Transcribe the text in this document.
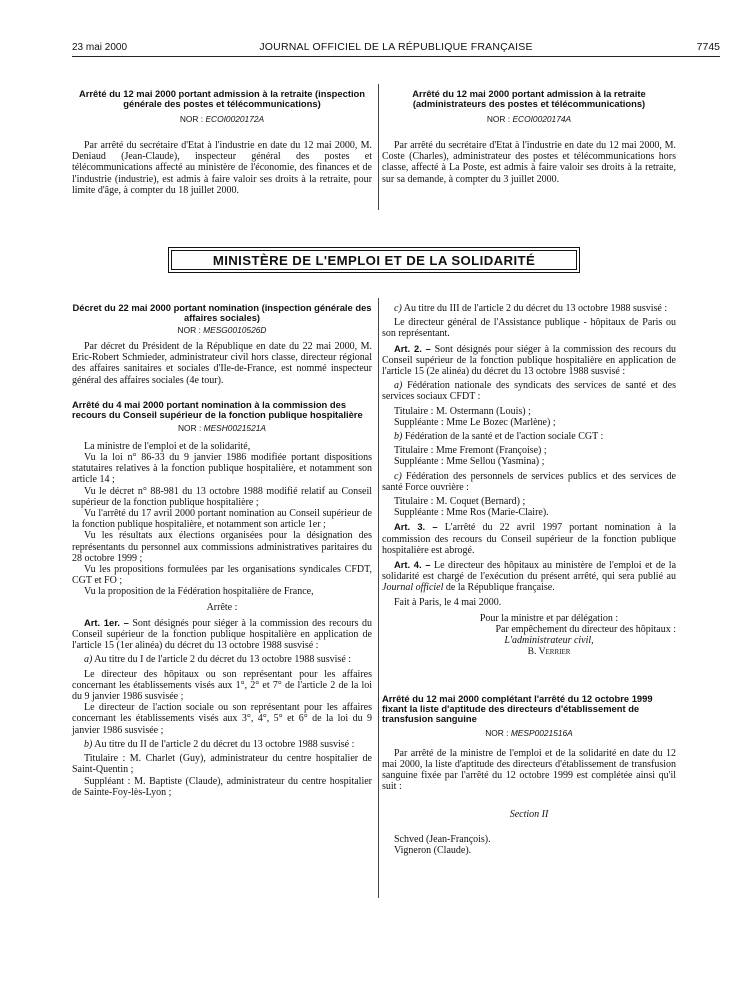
23 mai 2000	JOURNAL OFFICIEL DE LA RÉPUBLIQUE FRANÇAISE	7745
Arrêté du 12 mai 2000 portant admission à la retraite (inspection générale des postes et télécommunications)
NOR : ECOI0020172A

Par arrêté du secrétaire d'Etat à l'industrie en date du 12 mai 2000, M. Deniaud (Jean-Claude), inspecteur général des postes et télécommunications affecté au ministère de l'économie, des finances et de l'industrie (industrie), est admis à faire valoir ses droits à la retraite, pour limite d'âge, à compter du 18 juillet 2000.

Arrêté du 12 mai 2000 portant admission à la retraite (administrateurs des postes et télécommunications)
NOR : ECOI0020174A

Par arrêté du secrétaire d'Etat à l'industrie en date du 12 mai 2000, M. Coste (Charles), administrateur des postes et télécommunications hors classe, affecté à La Poste, est admis à faire valoir ses droits à la retraite, sur sa demande, à compter du 3 juillet 2000.

MINISTÈRE DE L'EMPLOI ET DE LA SOLIDARITÉ
Décret du 22 mai 2000 portant nomination (inspection générale des affaires sociales)
NOR : MESG0010526D

Par décret du Président de la République en date du 22 mai 2000, M. Eric-Robert Schmieder, administrateur civil hors classe, directeur régional des affaires sanitaires et sociales d'Ile-de-France, est nommé inspecteur général des affaires sociales (4e tour).

Arrêté du 4 mai 2000 portant nomination à la commission des recours du Conseil supérieur de la fonction publique hospitalière
NOR : MESH0021521A

La ministre de l'emploi et de la solidarité,

Vu la loi n° 86-33 du 9 janvier 1986 modifiée portant dispositions statutaires relatives à la fonction publique hospitalière, et notamment son article 14 ;

Vu le décret n° 88-981 du 13 octobre 1988 modifié relatif au Conseil supérieur de la fonction publique hospitalière ;

Vu l'arrêté du 17 avril 2000 portant nomination au Conseil supérieur de la fonction publique hospitalière, et notamment son article 1er ;

Vu les résultats aux élections organisées pour la désignation des représentants du personnel aux commissions administratives paritaires du 28 octobre 1999 ;

Vu les propositions formulées par les organisations syndicales CFDT, CGT et FO ;

Vu la proposition de la Fédération hospitalière de France,

Arrête :

Art. 1er. – Sont désignés pour siéger à la commission des recours du Conseil supérieur de la fonction publique hospitalière en application de l'article 15 (1er alinéa) du décret du 13 octobre 1988 susvisé :

a) Au titre du I de l'article 2 du décret du 13 octobre 1988 susvisé :

Le directeur des hôpitaux ou son représentant pour les affaires concernant les établissements visés aux 1°, 2° et 7° de l'article 2 de la loi du 9 janvier 1986 susvisée ;

Le directeur de l'action sociale ou son représentant pour les affaires concernant les établissements visés aux 3°, 4°, 5° et 6° de la loi du 9 janvier 1986 susvisée ;

b) Au titre du II de l'article 2 du décret du 13 octobre 1988 susvisé :

Titulaire : M. Charlet (Guy), administrateur du centre hospitalier de Saint-Quentin ;

Suppléant : M. Baptiste (Claude), administrateur du centre hospitalier de Sainte-Foy-lès-Lyon ;

c) Au titre du III de l'article 2 du décret du 13 octobre 1988 susvisé :

Le directeur général de l'Assistance publique - hôpitaux de Paris ou son représentant.

Art. 2. – Sont désignés pour siéger à la commission des recours du Conseil supérieur de la fonction publique hospitalière en application de l'article 15 (2e alinéa) du décret du 13 octobre 1988 susvisé :

a) Fédération nationale des syndicats des services de santé et des services sociaux CFDT :

Titulaire : M. Ostermann (Louis) ;

Suppléante : Mme Le Bozec (Marlène) ;

b) Fédération de la santé et de l'action sociale CGT :

Titulaire : Mme Fremont (Françoise) ;

Suppléante : Mme Sellou (Yasmina) ;

c) Fédération des personnels de services publics et des services de santé Force ouvrière :

Titulaire : M. Coquet (Bernard) ;

Suppléante : Mme Ros (Marie-Claire).

Art. 3. – L'arrêté du 22 avril 1997 portant nomination à la commission des recours du Conseil supérieur de la fonction publique hospitalière est abrogé.

Art. 4. – Le directeur des hôpitaux au ministère de l'emploi et de la solidarité est chargé de l'exécution du présent arrêté, qui sera publié au Journal officiel de la République française.

Fait à Paris, le 4 mai 2000.

Pour la ministre et par délégation :

Par empêchement du directeur des hôpitaux :

L'administrateur civil,

B. Verrier

Arrêté du 12 mai 2000 complétant l'arrêté du 12 octobre 1999 fixant la liste d'aptitude des directeurs d'établissement de transfusion sanguine
NOR : MESP0021516A

Par arrêté de la ministre de l'emploi et de la solidarité en date du 12 mai 2000, la liste d'aptitude des directeurs d'établissement de transfusion sanguine fixée par l'arrêté du 12 octobre 1999 est complétée ainsi qu'il suit :

Section II

Schved (Jean-François).

Vigneron (Claude).
